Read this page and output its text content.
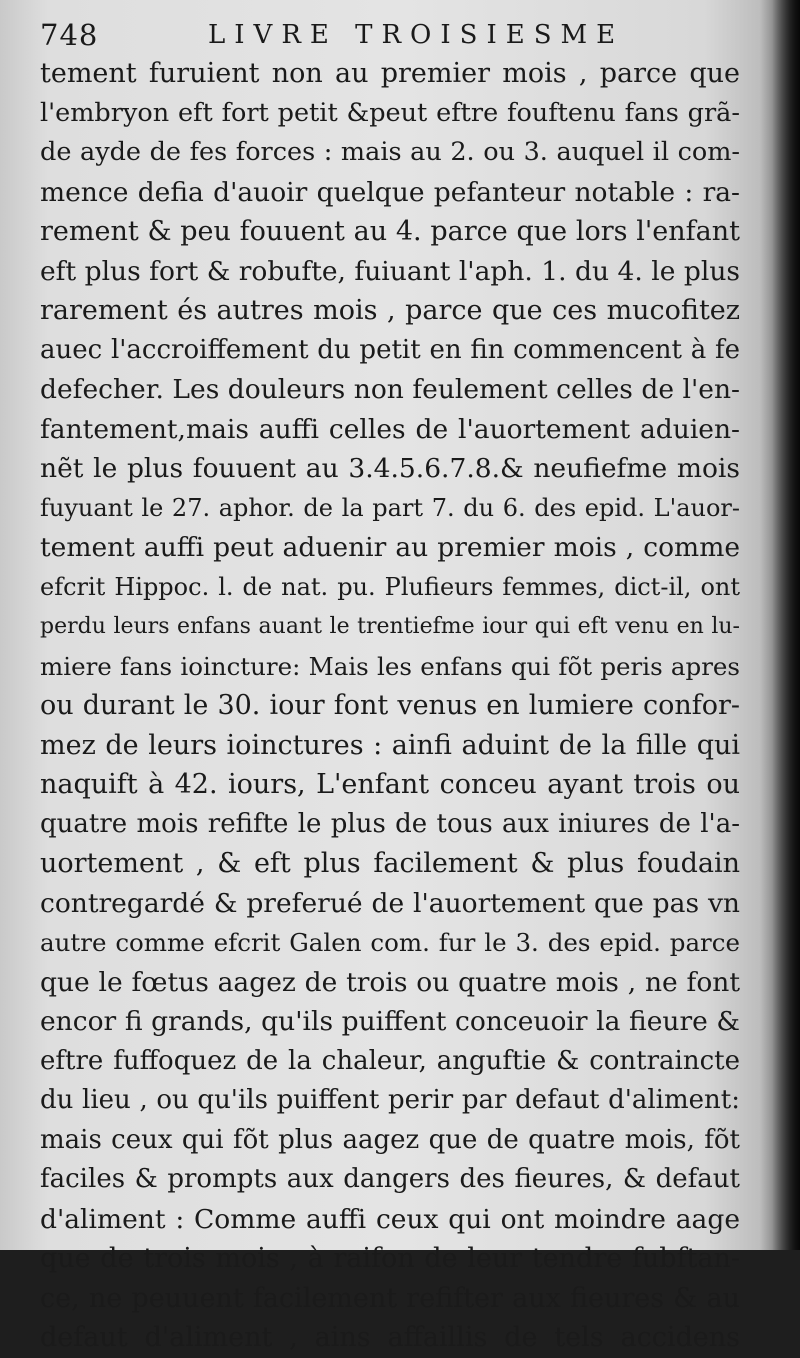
748	LIVRE TROISIESME
tement furuient non au premier mois , parce que
l'embryon eft fort petit &peut eftre fouftenu fans grã-
de ayde de fes forces : mais au 2. ou 3. auquel il com-
mence defia d'auoir quelque pefanteur notable : ra-
rement & peu fouuent au 4. parce que lors l'enfant
eft plus fort & robufte, fuiuant l'aph. 1. du 4. le plus
rarement és autres mois , parce que ces mucofitez
auec l'accroiffement du petit en fin commencent à fe
defecher. Les douleurs non feulement celles de l'en-
fantement,mais auffi celles de l'auortement aduien-
nẽt le plus fouuent au 3.4.5.6.7.8.& neufiefme mois
fuyuant le 27. aphor. de la part 7. du 6. des epid. L'auor-
tement auffi peut aduenir au premier mois , comme
efcrit Hippoc. l. de nat. pu. Plufieurs femmes, dict-il, ont
perdu leurs enfans auant le trentiefme iour qui eft venu en lu-
miere fans ioincture: Mais les enfans qui fõt peris apres
ou durant le 30. iour font venus en lumiere confor-
mez de leurs ioinctures : ainfi aduint de la fille qui
naquift à 42. iours, L'enfant conceu ayant trois ou
quatre mois refifte le plus de tous aux iniures de l'a-
uortement , & eft plus facilement & plus foudain
contregardé & preferué de l'auortement que pas vn
autre comme efcrit Galen com. fur le 3. des epid. parce
que le fœtus aagez de trois ou quatre mois , ne font
encor fi grands, qu'ils puiffent conceuoir la fieure &
eftre fuffoquez de la chaleur, anguftie & contraincte
du lieu , ou qu'ils puiffent perir par defaut d'aliment:
mais ceux qui fõt plus aagez que de quatre mois, fõt
faciles & prompts aux dangers des fieures, & defaut
d'aliment : Comme auffi ceux qui ont moindre aage
que de trois mois , à raifon de leur tendre fubftan-
ce, ne peuuent facilement refifter aux fieures & au
defaut d'aliment , ains affaillis de tels accidens
